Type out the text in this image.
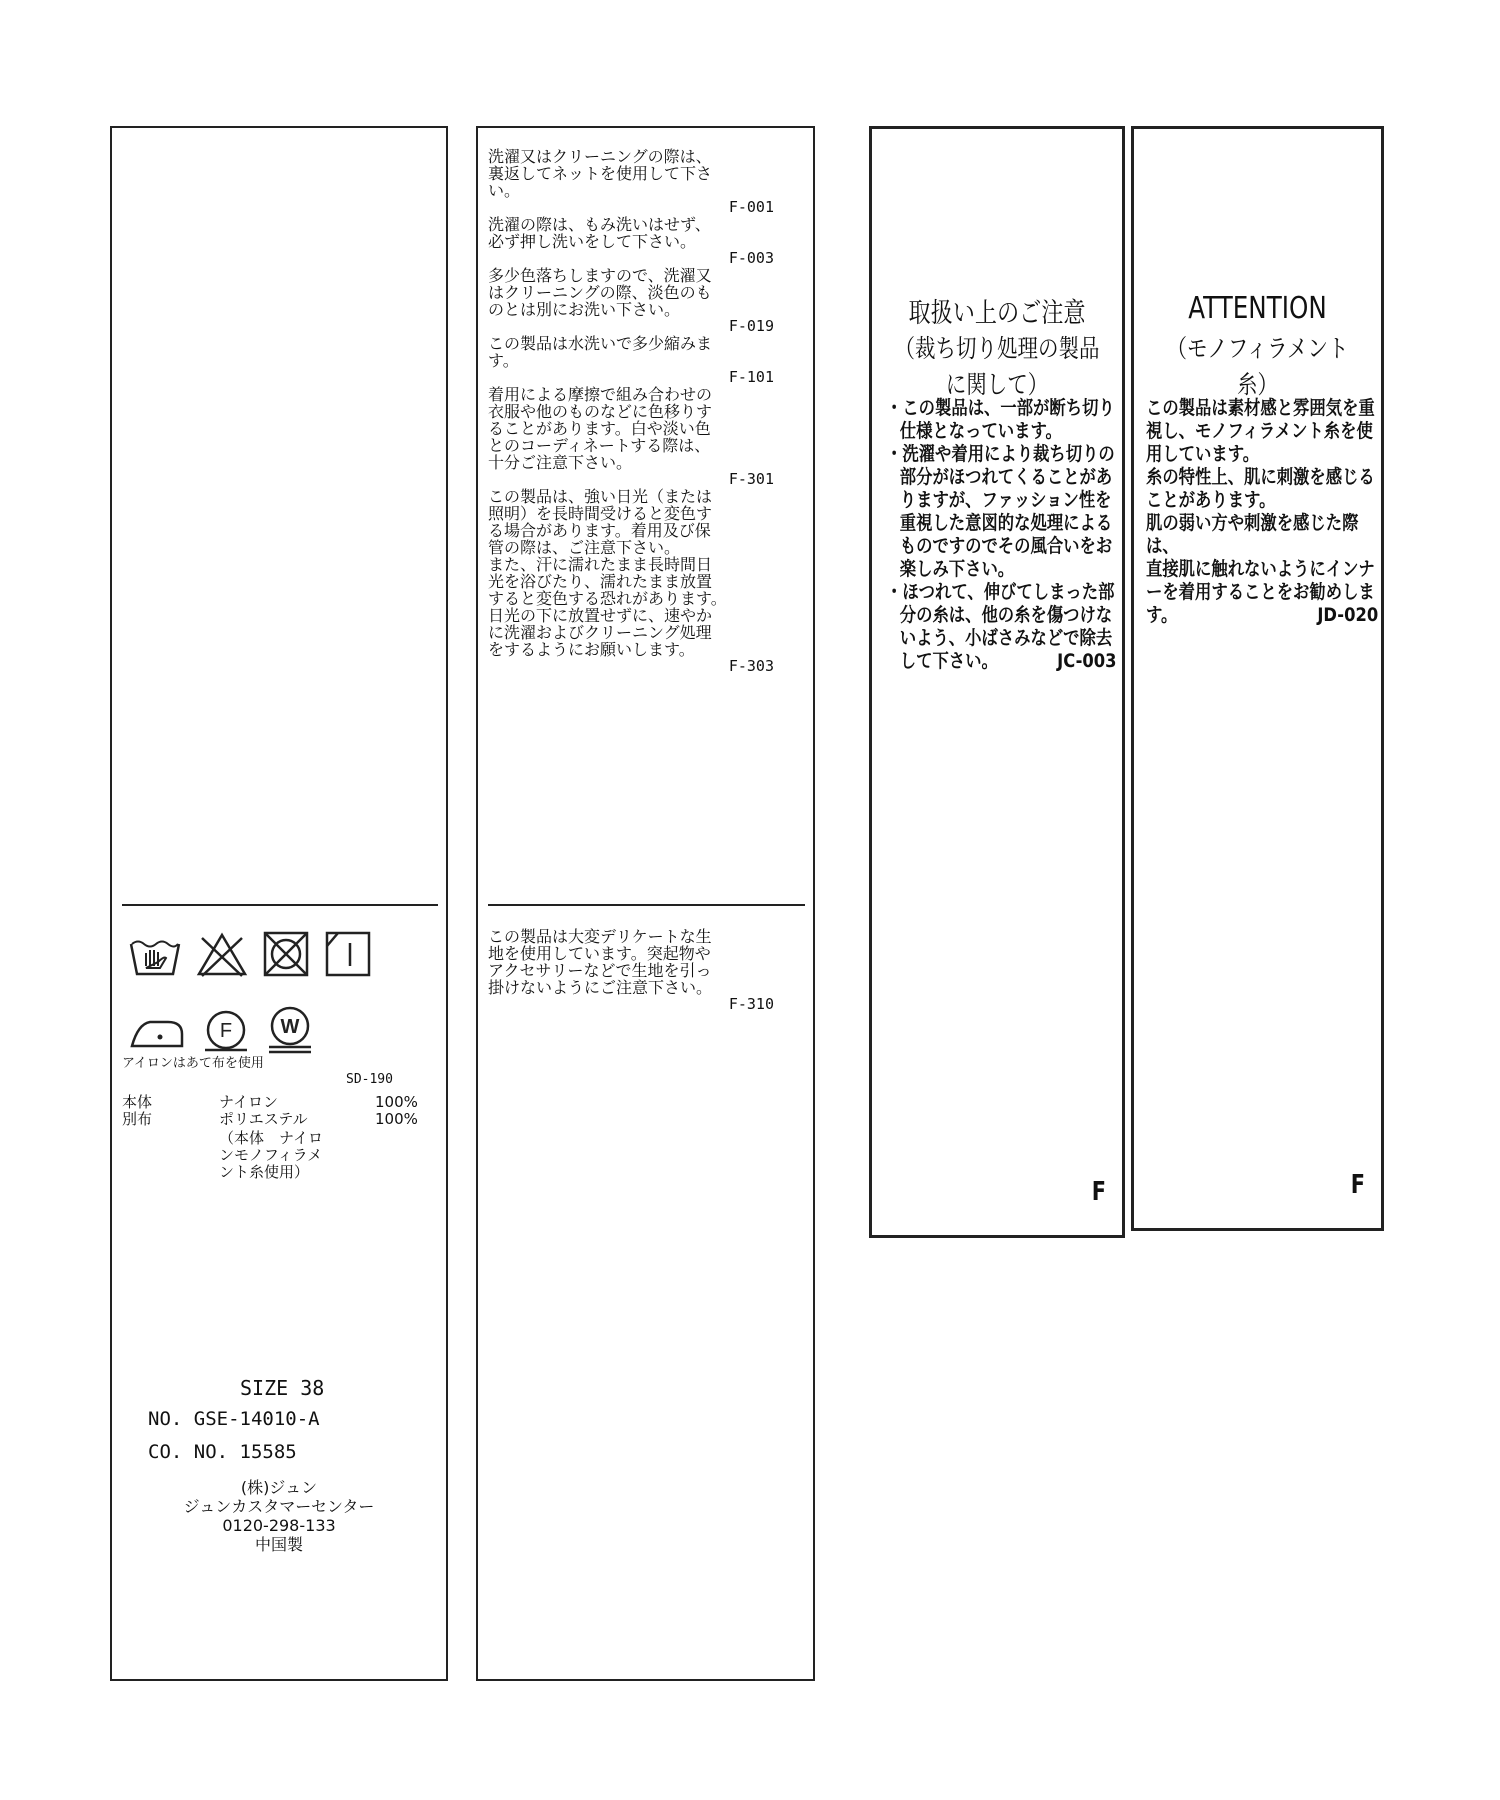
F W
アイロンはあて布を使用
SD-190
本体	ナイロン	100%
別布	ポリエステル	100%
（本体　ナイロ
ンモノフィラメ
ント糸使用）
SIZE 38
NO. GSE-14010-A
CO. NO. 15585
(株)ジュン
ジュンカスタマーセンター
0120-298-133
中国製
洗濯又はクリーニングの際は、
裏返してネットを使用して下さ
い。
F-001
洗濯の際は、もみ洗いはせず、
必ず押し洗いをして下さい。
F-003
多少色落ちしますので、洗濯又
はクリーニングの際、淡色のも
のとは別にお洗い下さい。
F-019
この製品は水洗いで多少縮みま
す。
F-101
着用による摩擦で組み合わせの
衣服や他のものなどに色移りす
ることがあります。白や淡い色
とのコーディネートする際は、
十分ご注意下さい。
F-301
この製品は、強い日光（または
照明）を長時間受けると変色す
る場合があります。着用及び保
管の際は、ご注意下さい。
また、汗に濡れたまま長時間日
光を浴びたり、濡れたまま放置
すると変色する恐れがあります。
日光の下に放置せずに、速やか
に洗濯およびクリーニング処理
をするようにお願いします。
F-303
この製品は大変デリケートな生
地を使用しています。突起物や
アクセサリーなどで生地を引っ
掛けないようにご注意下さい。
F-310
取扱い上のご注意
（裁ち切り処理の製品に関して）
・この製品は、一部が断ち切り
仕様となっています。
・洗濯や着用により裁ち切りの
部分がほつれてくることがあ
りますが、ファッション性を
重視した意図的な処理による
ものですのでその風合いをお
楽しみ下さい。
・ほつれて、伸びてしまった部
分の糸は、他の糸を傷つけな
いよう、小ばさみなどで除去
して下さい。	JC-003
F
ATTENTION
（モノフィラメント糸）
この製品は素材感と雰囲気を重
視し、モノフィラメント糸を使
用しています。
糸の特性上、肌に刺激を感じる
ことがあります。
肌の弱い方や刺激を感じた際は、
直接肌に触れないようにインナ
ーを着用することをお勧めしま
す。	JD-020
F
